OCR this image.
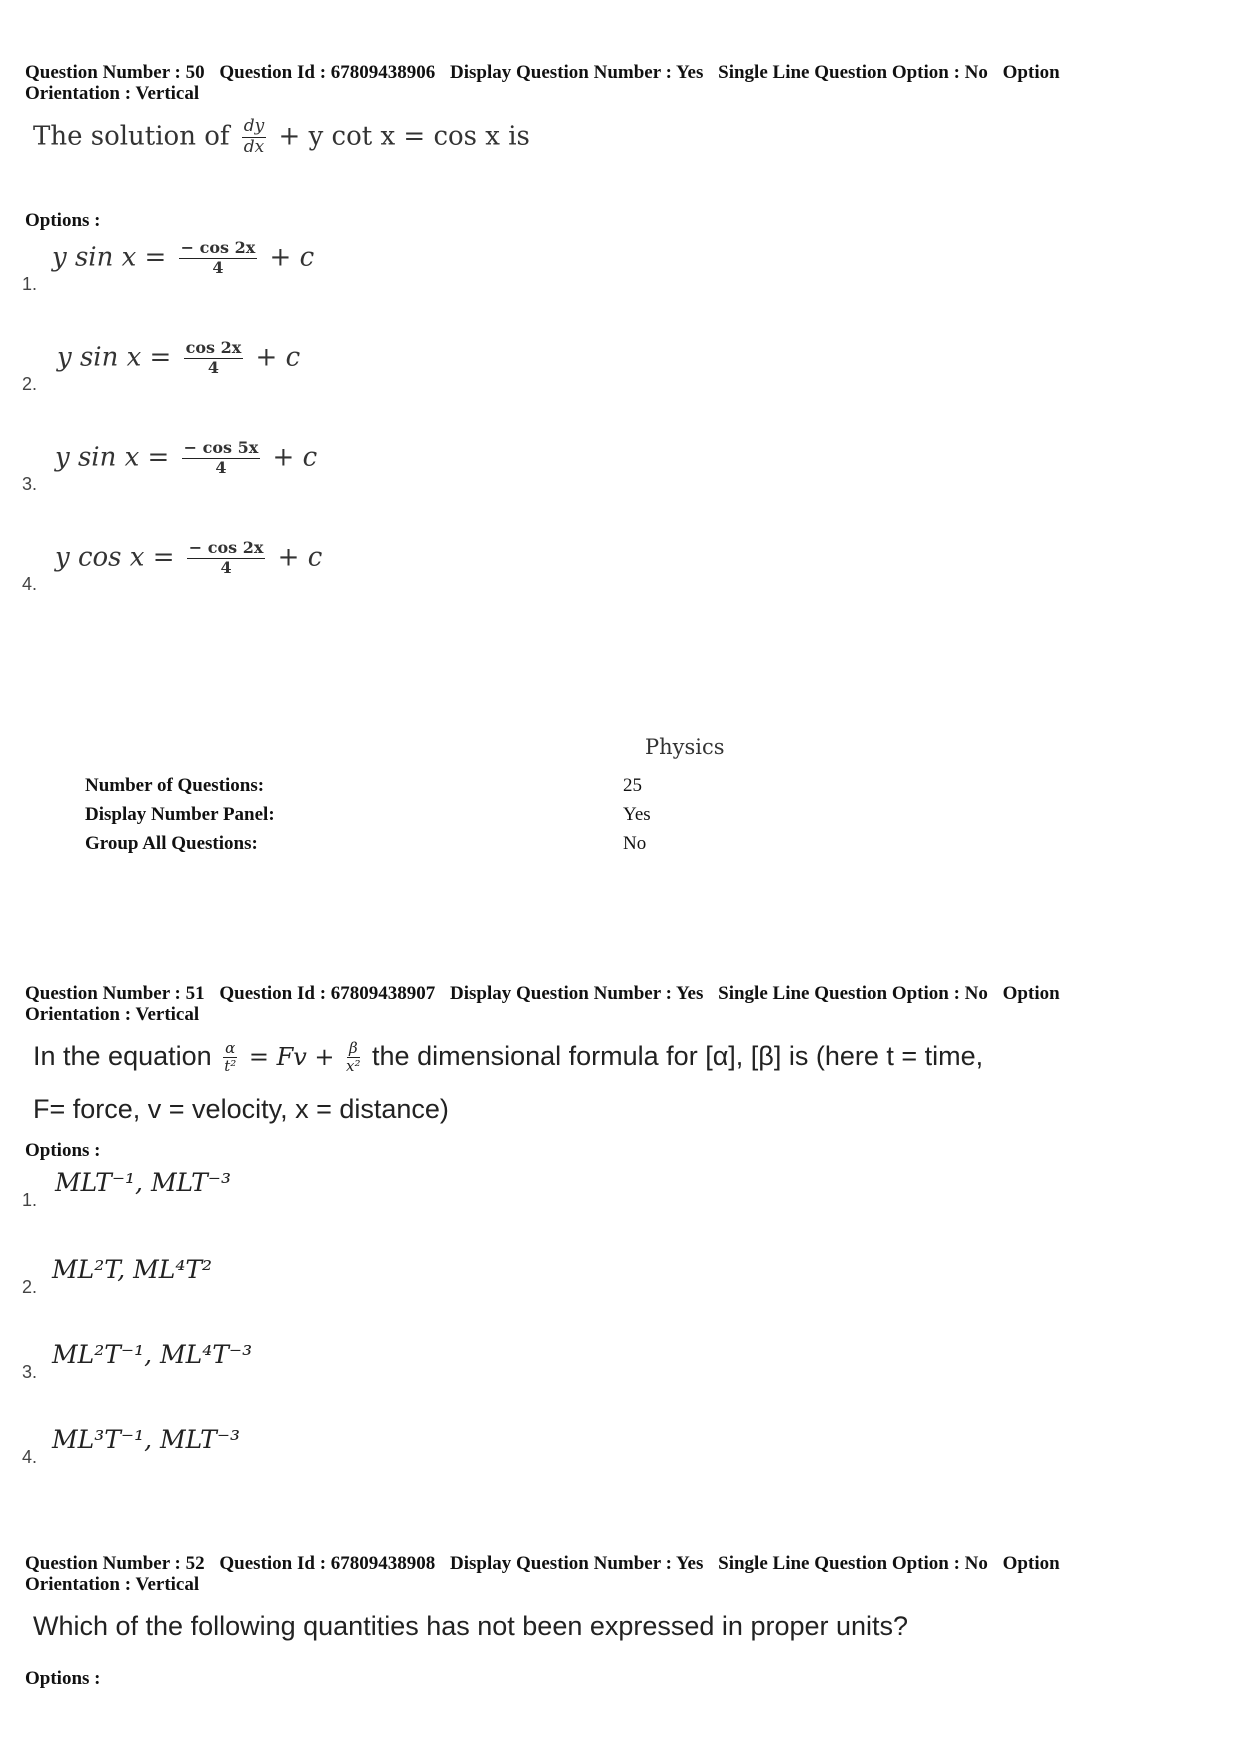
Question Number : 50 Question Id : 67809438906 Display Question Number : Yes Single Line Question Option : No Option
Orientation : Vertical
The solution of $\frac{dy}{dx} + y$ cot x = cos x is
Options :
1.
y $\sin x = \frac{- \cos 2x}{4} + c$
2.
y $\sin x = \frac{\cos 2x}{4} + c$
3.
y $\sin x = \frac{- \cos 5x}{4} + c$
4.
y $\cos x = \frac{- \cos 2x}{4} + c$
Physics
Number of Questions:	25
Display Number Panel:	Yes
Group All Questions:	No
Question Number : 51 Question Id : 67809438907 Display Question Number : Yes Single Line Question Option : No Option
Orientation : Vertical
In the equation $\frac{\alpha}{\text{t²}} = Fv + \frac{\beta}{\text{x²}}$ the dimensional formula for [α], [β] is (here t = time,
F= force, v = velocity, x = distance)
Options :
1.
MLT⁻¹, MLT⁻³
2.
ML²T, ML⁴T²
3.
ML²T⁻¹, ML⁴T⁻³
4.
ML³T⁻¹, MLT⁻³
Question Number : 52 Question Id : 67809438908 Display Question Number : Yes Single Line Question Option : No Option
Orientation : Vertical
Which of the following quantities has not been expressed in proper units?
Options :
